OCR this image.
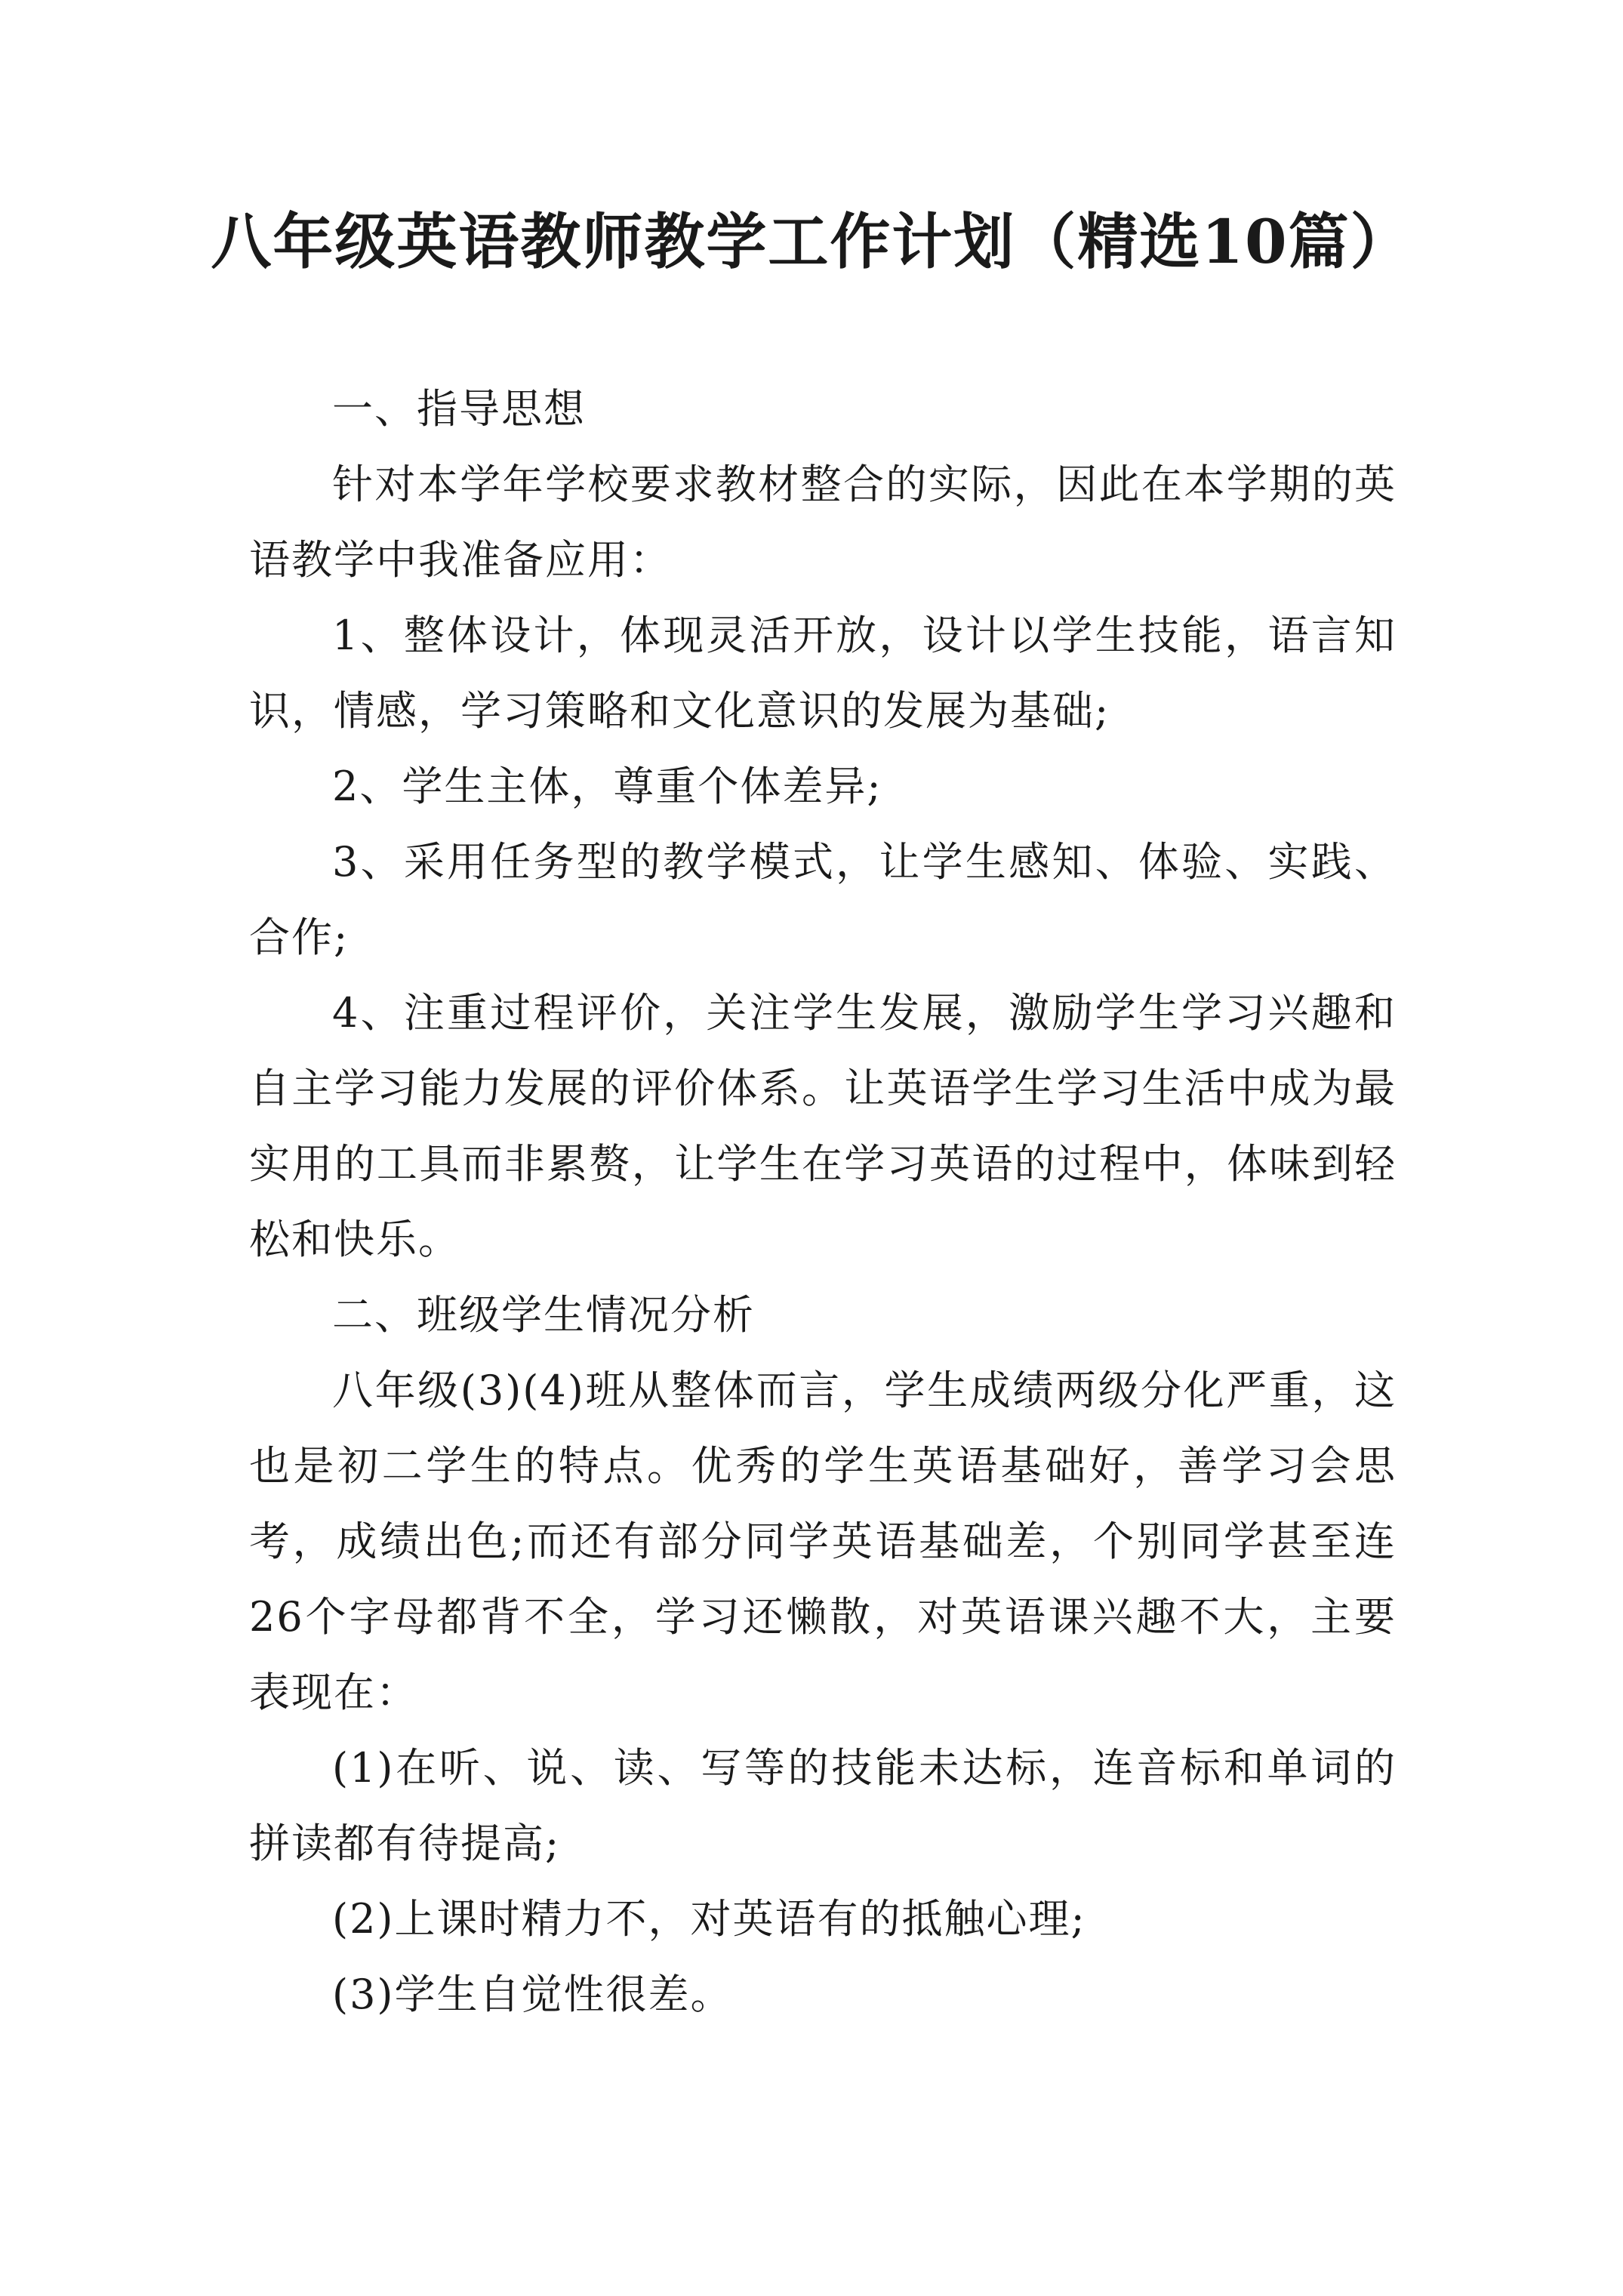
八年级英语教师教学工作计划（精选10篇）

一、指导思想

针对本学年学校要求教材整合的实际，因此在本学期的英语教学中我准备应用：

1、整体设计，体现灵活开放，设计以学生技能，语言知识，情感，学习策略和文化意识的发展为基础;

2、学生主体，尊重个体差异;

3、采用任务型的教学模式，让学生感知、体验、实践、合作;

4、注重过程评价，关注学生发展，激励学生学习兴趣和自主学习能力发展的评价体系。让英语学生学习生活中成为最实用的工具而非累赘，让学生在学习英语的过程中，体味到轻松和快乐。

二、班级学生情况分析

八年级(3)(4)班从整体而言，学生成绩两级分化严重，这也是初二学生的特点。优秀的学生英语基础好，善学习会思考，成绩出色;而还有部分同学英语基础差，个别同学甚至连26个字母都背不全，学习还懒散，对英语课兴趣不大，主要表现在：

(1)在听、说、读、写等的技能未达标，连音标和单词的拼读都有待提高;

(2)上课时精力不，对英语有的抵触心理;

(3)学生自觉性很差。
